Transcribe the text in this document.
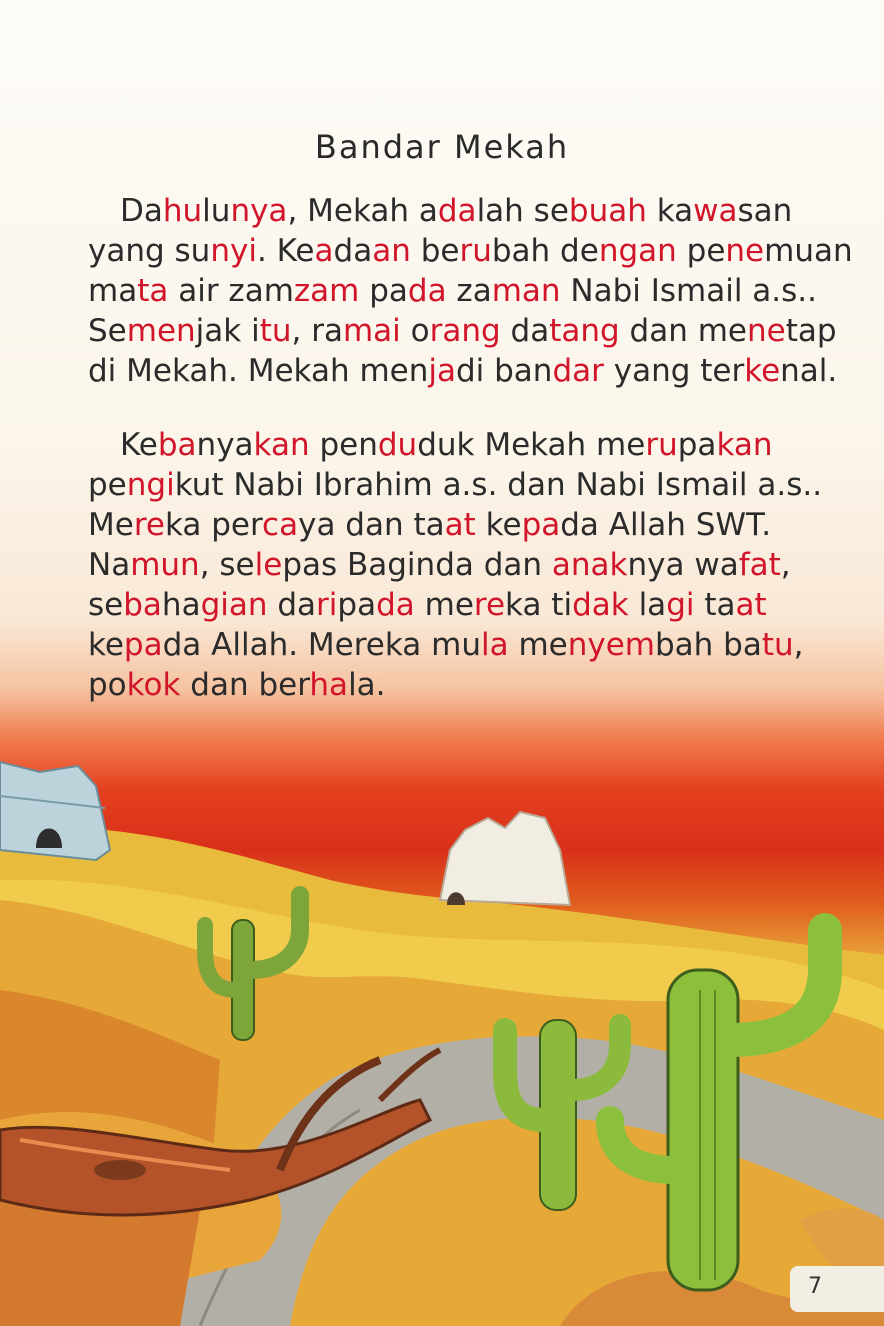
Bandar Mekah

Dahulunya, Mekah adalah sebuah kawasan
yang sunyi. Keadaan berubah dengan penemuan
mata air zamzam pada zaman Nabi Ismail a.s..
Semenjak itu, ramai orang datang dan menetap
di Mekah. Mekah menjadi bandar yang terkenal.

Kebanyakan penduduk Mekah merupakan
pengikut Nabi Ibrahim a.s. dan Nabi Ismail a.s..
Mereka percaya dan taat kepada Allah SWT.
Namun, selepas Baginda dan anaknya wafat,
sebahagian daripada mereka tidak lagi taat
kepada Allah. Mereka mula menyembah batu,
pokok dan berhala.

7
